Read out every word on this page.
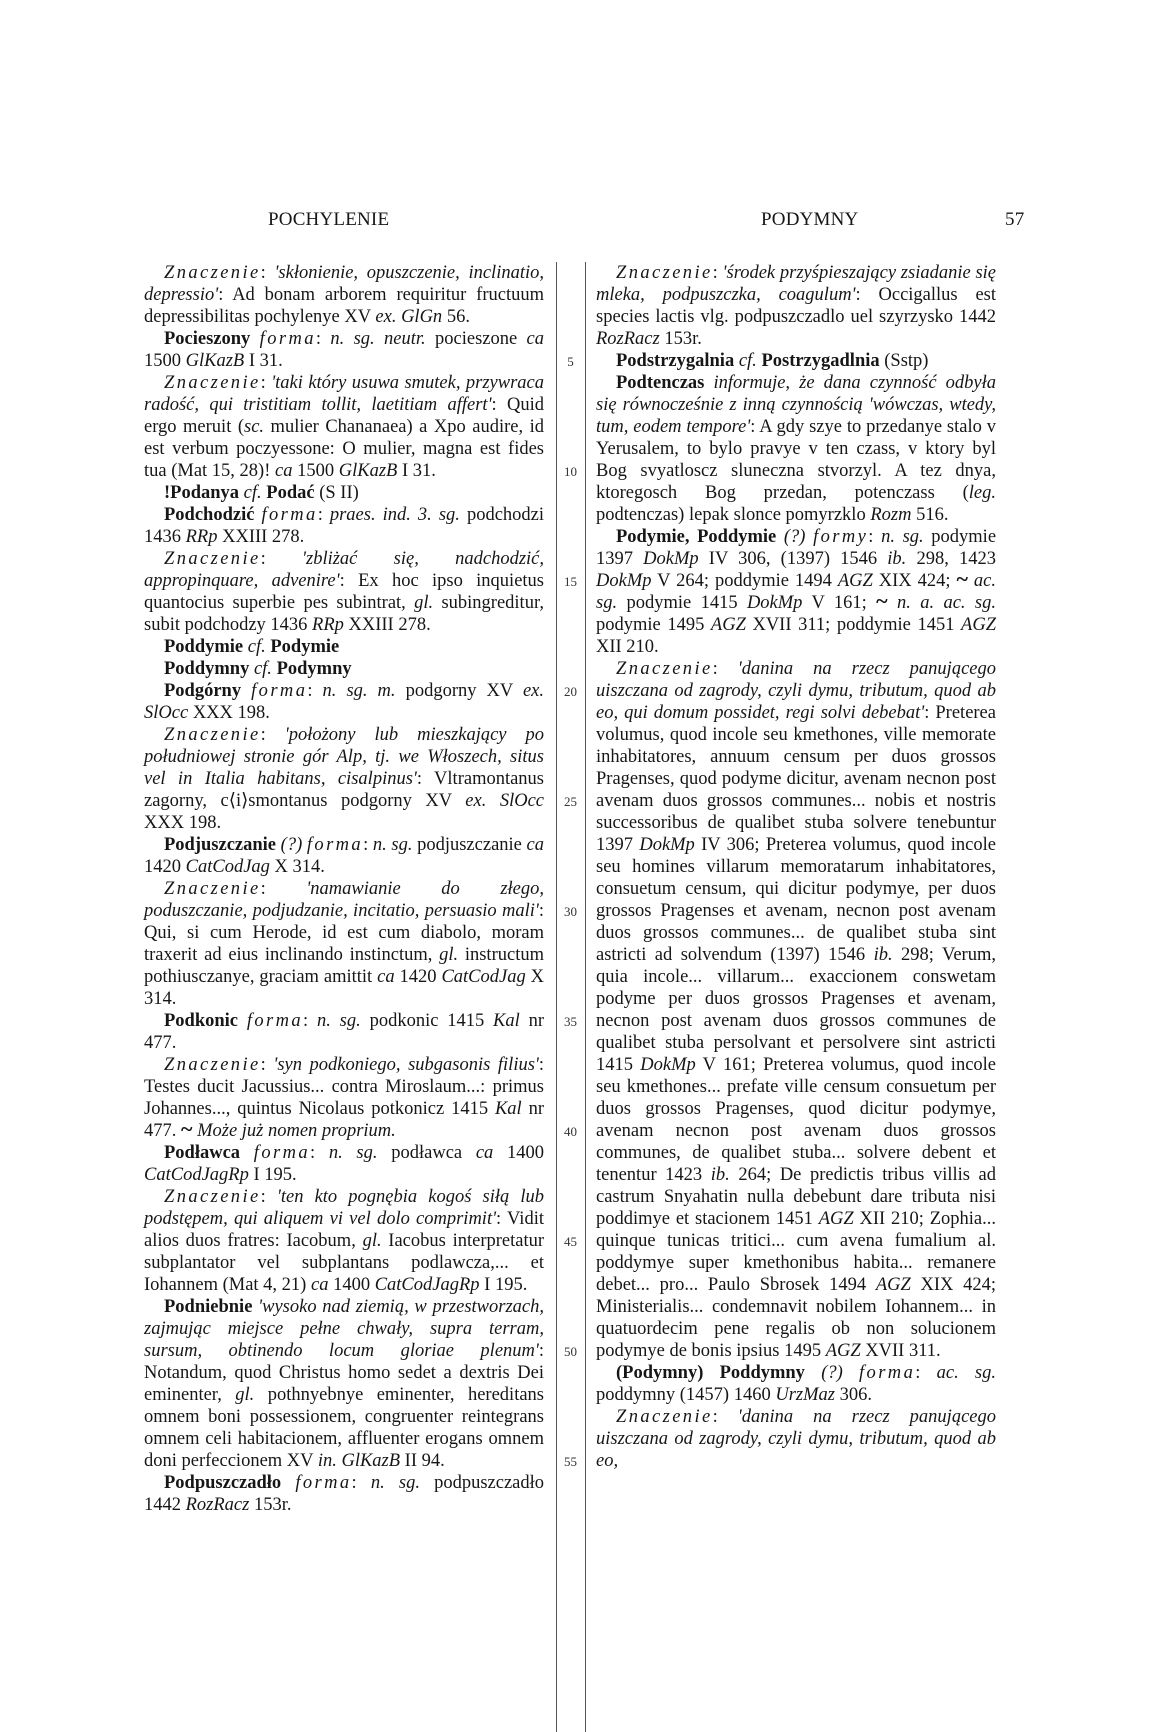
POCHYLENIE	PODYMNY	57
5
10
15
20
25
30
35
40
45
50
55

Znaczenie: 'skłonienie, opuszczenie, inclinatio, depressio': Ad bonam arborem requiritur fructuum depressibilitas pochylenye XV ex. GlGn 56.

Pocieszony forma: n. sg. neutr. pocieszone ca 1500 GlKazB I 31.

Znaczenie: 'taki który usuwa smutek, przywraca radość, qui tristitiam tollit, laetitiam affert': Quid ergo meruit (sc. mulier Chananaea) a Xpo audire, id est verbum poczyessone: O mulier, magna est fides tua (Mat 15, 28)! ca 1500 GlKazB I 31.

!Podanya cf. Podać (S II)

Podchodzić forma: praes. ind. 3. sg. podchodzi 1436 RRp XXIII 278.

Znaczenie: 'zbliżać się, nadchodzić, appropinquare, advenire': Ex hoc ipso inquietus quantocius superbie pes subintrat, gl. subingreditur, subit podchodzy 1436 RRp XXIII 278.

Poddymie cf. Podymie

Poddymny cf. Podymny

Podgórny forma: n. sg. m. podgorny XV ex. SlOcc XXX 198.

Znaczenie: 'położony lub mieszkający po południowej stronie gór Alp, tj. we Włoszech, situs vel in Italia habitans, cisalpinus': Vltramontanus zagorny, c⟨i⟩smontanus podgorny XV ex. SlOcc XXX 198.

Podjuszczanie (?) forma: n. sg. podjuszczanie ca 1420 CatCodJag X 314.

Znaczenie: 'namawianie do złego, poduszczanie, podjudzanie, incitatio, persuasio mali': Qui, si cum Herode, id est cum diabolo, moram traxerit ad eius inclinando instinctum, gl. instructum pothiusczanye, graciam amittit ca 1420 CatCodJag X 314.

Podkonic forma: n. sg. podkonic 1415 Kal nr 477.

Znaczenie: 'syn podkoniego, subgasonis filius': Testes ducit Jacussius... contra Miroslaum...: primus Johannes..., quintus Nicolaus potkonicz 1415 Kal nr 477. ~ Może już nomen proprium.

Podławca forma: n. sg. podławca ca 1400 CatCodJagRp I 195.

Znaczenie: 'ten kto pognębia kogoś siłą lub podstępem, qui aliquem vi vel dolo comprimit': Vidit alios duos fratres: Iacobum, gl. Iacobus interpretatur subplantator vel subplantans podlawcza,... et Iohannem (Mat 4, 21) ca 1400 CatCodJagRp I 195.

Podniebnie 'wysoko nad ziemią, w przestworzach, zajmując miejsce pełne chwały, supra terram, sursum, obtinendo locum gloriae plenum': Notandum, quod Christus homo sedet a dextris Dei eminenter, gl. pothnyebnye eminenter, hereditans omnem boni possessionem, congruenter reintegrans omnem celi habitacionem, affluenter erogans omnem doni perfeccionem XV in. GlKazB II 94.

Podpuszczadło forma: n. sg. podpuszczadło 1442 RozRacz 153r.

Znaczenie: 'środek przyśpieszający zsiadanie się mleka, podpuszczka, coagulum': Occigallus est species lactis vlg. podpuszczadlo uel szyrzysko 1442 RozRacz 153r.

Podstrzygalnia cf. Postrzygadlnia (Sstp)

Podtenczas informuje, że dana czynność odbyła się równocześnie z inną czynnością 'wówczas, wtedy, tum, eodem tempore': A gdy szye to przedanye stalo v Yerusalem, to bylo pravye v ten czass, v ktory byl Bog svyatloscz sluneczna stvorzyl. A tez dnya, ktoregosch Bog przedan, potenczass (leg. podtenczas) lepak slonce pomyrzklo Rozm 516.

Podymie, Poddymie (?) formy: n. sg. podymie 1397 DokMp IV 306, (1397) 1546 ib. 298, 1423 DokMp V 264; poddymie 1494 AGZ XIX 424; ~ ac. sg. podymie 1415 DokMp V 161; ~ n. a. ac. sg. podymie 1495 AGZ XVII 311; poddymie 1451 AGZ XII 210.

Znaczenie: 'danina na rzecz panującego uiszczana od zagrody, czyli dymu, tributum, quod ab eo, qui domum possidet, regi solvi debebat': Preterea volumus, quod incole seu kmethones, ville memorate inhabitatores, annuum censum per duos grossos Pragenses, quod podyme dicitur, avenam necnon post avenam duos grossos communes... nobis et nostris successoribus de qualibet stuba solvere tenebuntur 1397 DokMp IV 306; Preterea volumus, quod incole seu homines villarum memoratarum inhabitatores, consuetum censum, qui dicitur podymye, per duos grossos Pragenses et avenam, necnon post avenam duos grossos communes... de qualibet stuba sint astricti ad solvendum (1397) 1546 ib. 298; Verum, quia incole... villarum... exaccionem conswetam podyme per duos grossos Pragenses et avenam, necnon post avenam duos grossos communes de qualibet stuba persolvant et persolvere sint astricti 1415 DokMp V 161; Preterea volumus, quod incole seu kmethones... prefate ville censum consuetum per duos grossos Pragenses, quod dicitur podymye, avenam necnon post avenam duos grossos communes, de qualibet stuba... solvere debent et tenentur 1423 ib. 264; De predictis tribus villis ad castrum Snyahatin nulla debebunt dare tributa nisi poddimye et stacionem 1451 AGZ XII 210; Zophia... quinque tunicas tritici... cum avena fumalium al. poddymye super kmethonibus habita... remanere debet... pro... Paulo Sbrosek 1494 AGZ XIX 424; Ministerialis... condemnavit nobilem Iohannem... in quatuordecim pene regalis ob non solucionem podymye de bonis ipsius 1495 AGZ XVII 311.

(Podymny) Poddymny (?) forma: ac. sg. poddymny (1457) 1460 UrzMaz 306.

Znaczenie: 'danina na rzecz panującego uiszczana od zagrody, czyli dymu, tributum, quod ab eo,
